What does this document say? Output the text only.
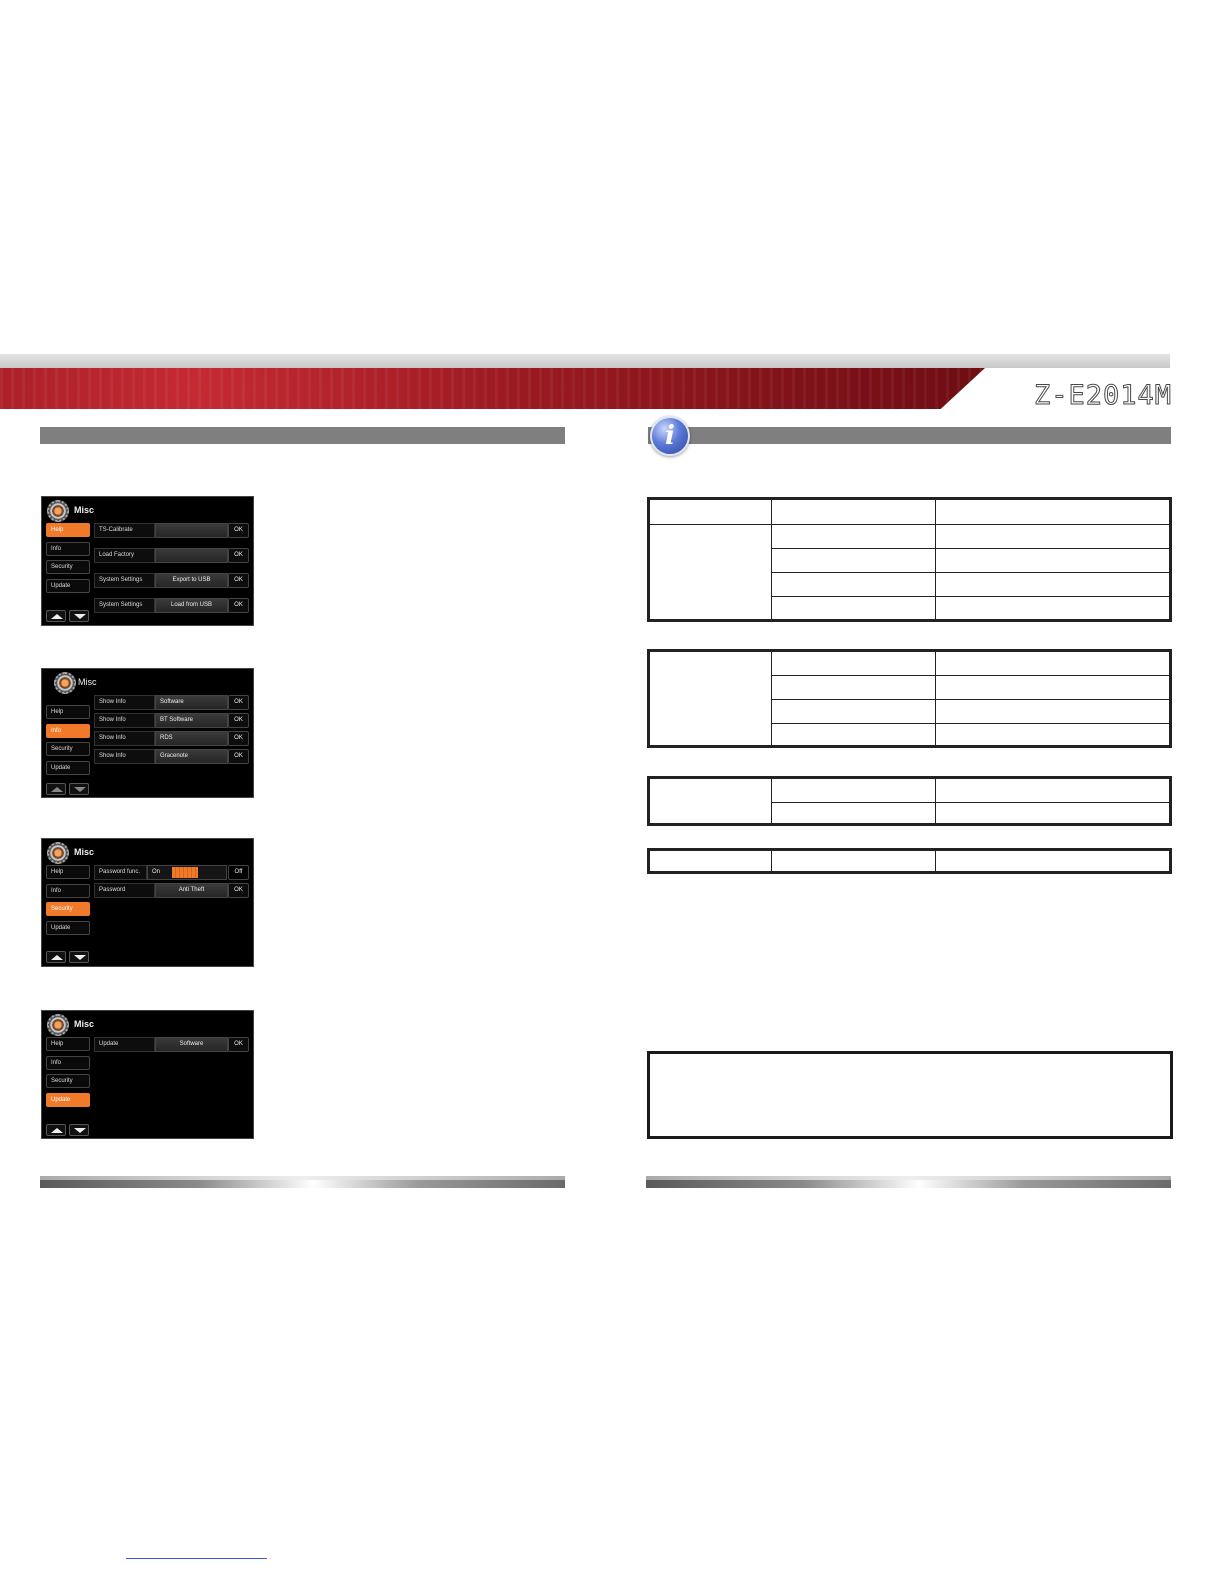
Z-E2014M
i
Misc
Help
Info
Security
Update
TS-Calibrate	OK
Load Factory	OK
System Settings	Export to USB	OK
System Settings	Load from USB	OK
Misc
Help
Info
Security
Update
Show Info	Software	OK
Show Info	BT Software	OK
Show Info	RDS	OK
Show Info	Gracenote	OK
Misc
Help
Info
Security
Update
Password func.	On	Off
Password	Anti Theft	OK
Misc
Help
Info
Security
Update
Update	Software	OK
